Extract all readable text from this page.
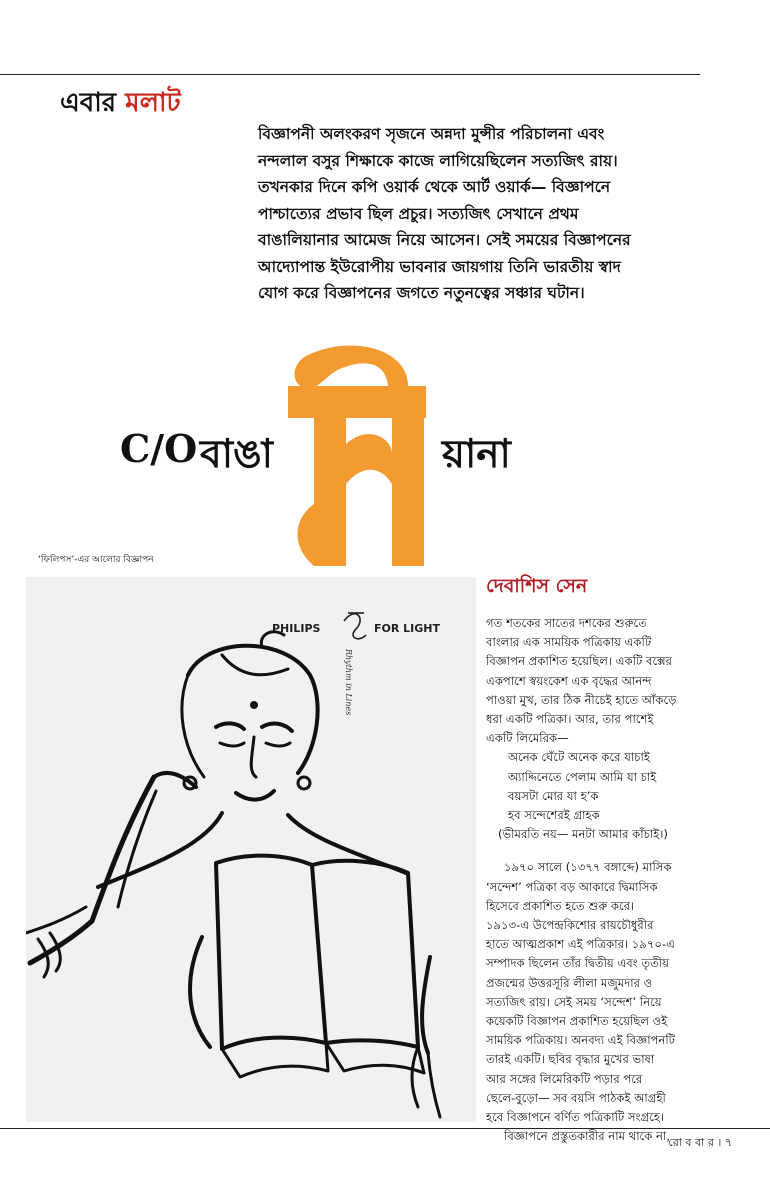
এবার মলাট
বিজ্ঞাপনী অলংকরণ সৃজনে অন্নদা মুন্সীর পরিচালনা এবং
নন্দলাল বসুর শিক্ষাকে কাজে লাগিয়েছিলেন সত্যজিৎ রায়।
তখনকার দিনে কপি ওয়ার্ক থেকে আর্ট ওয়ার্ক— বিজ্ঞাপনে
পাশ্চাত্যের প্রভাব ছিল প্রচুর। সত্যজিৎ সেখানে প্রথম
বাঙালিয়ানার আমেজ নিয়ে আসেন। সেই সময়ের বিজ্ঞাপনের
আদ্যোপান্ত ইউরোপীয় ভাবনার জায়গায় তিনি ভারতীয় স্বাদ
যোগ করে বিজ্ঞাপনের জগতে নতুনত্বের সঞ্চার ঘটান।
C/O বাঙা
লি
য়ানা
‘ফিলিপস’-এর আলোর বিজ্ঞাপন
PHILIPS	FOR LIGHT
Rhythm in Lines
দেবাশিস সেন

গত শতকের সাতের দশকের শুরুতে
বাংলার এক সাময়িক পত্রিকায় একটি
বিজ্ঞাপন প্রকাশিত হয়েছিল। একটি বক্সের
একপাশে স্বয়ংকেশ এক বৃদ্ধের আনন্দ
পাওয়া মুখ, তার ঠিক নীচেই হাতে আঁকড়ে
ধরা একটি পত্রিকা। আর, তার পাশেই
একটি লিমেরিক—

অনেক ঘেঁটে অনেক করে যাচাই
অ্যাদ্দিনেতে পেলাম আমি যা চাই
বয়সটা মোর যা হ’ক
হব সন্দেশেরই গ্রাহক
(ভীমরতি নয়— মনটা আমার কাঁচাই।)

১৯৭০ সালে (১৩৭৭ বঙ্গাব্দে) মাসিক
‘সন্দেশ’ পত্রিকা বড় আকারে দ্বিমাসিক
হিসেবে প্রকাশিত হতে শুরু করে।
১৯১৩-এ উপেন্দ্রকিশোর রায়চৌধুরীর
হাতে আত্মপ্রকাশ এই পত্রিকার। ১৯৭০-এ
সম্পাদক ছিলেন তাঁর দ্বিতীয় এবং তৃতীয়
প্রজন্মের উত্তরসূরি লীলা মজুমদার ও
সত্যজিৎ রায়। সেই সময় ‘সন্দেশ’ নিয়ে
কয়েকটি বিজ্ঞাপন প্রকাশিত হয়েছিল ওই
সাময়িক পত্রিকায়। অনবদ্য এই বিজ্ঞাপনটি
তারই একটি। ছবির বৃদ্ধার মুখের ভাষা
আর সঙ্গের লিমেরিকটি পড়ার পরে
ছেলে-বুড়ো— সব বয়সি পাঠকই আগ্রহী
হবে বিজ্ঞাপনে বর্ণিত পত্রিকাটি সংগ্রহে।

বিজ্ঞাপনে প্রস্তুতকারীর নাম থাকে না,

রো ব বা র । ৭
